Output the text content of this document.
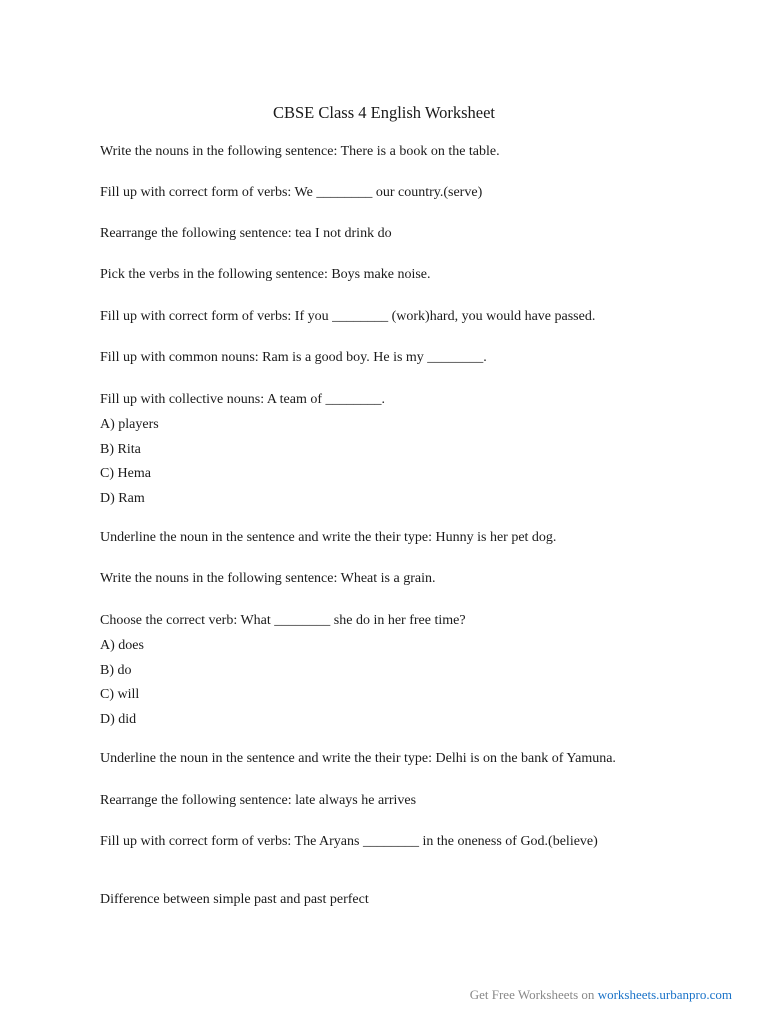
CBSE Class 4 English Worksheet
Write the nouns in the following sentence: There is a book on the table.
Fill up with correct form of verbs: We ________ our country.(serve)
Rearrange the following sentence: tea I not drink do
Pick the verbs in the following sentence: Boys make noise.
Fill up with correct form of verbs: If you ________ (work)hard, you would have passed.
Fill up with common nouns: Ram is a good boy. He is my ________.
Fill up with collective nouns: A team of ________.
A) players
B) Rita
C) Hema
D) Ram
Underline the noun in the sentence and write the their type: Hunny is her pet dog.
Write the nouns in the following sentence: Wheat is a grain.
Choose the correct verb: What ________ she do in her free time?
A) does
B) do
C) will
D) did
Underline the noun in the sentence and write the their type: Delhi is on the bank of Yamuna.
Rearrange the following sentence: late always he arrives
Fill up with correct form of verbs: The Aryans ________ in the oneness of God.(believe)
Difference between simple past and past perfect
Get Free Worksheets on worksheets.urbanpro.com
